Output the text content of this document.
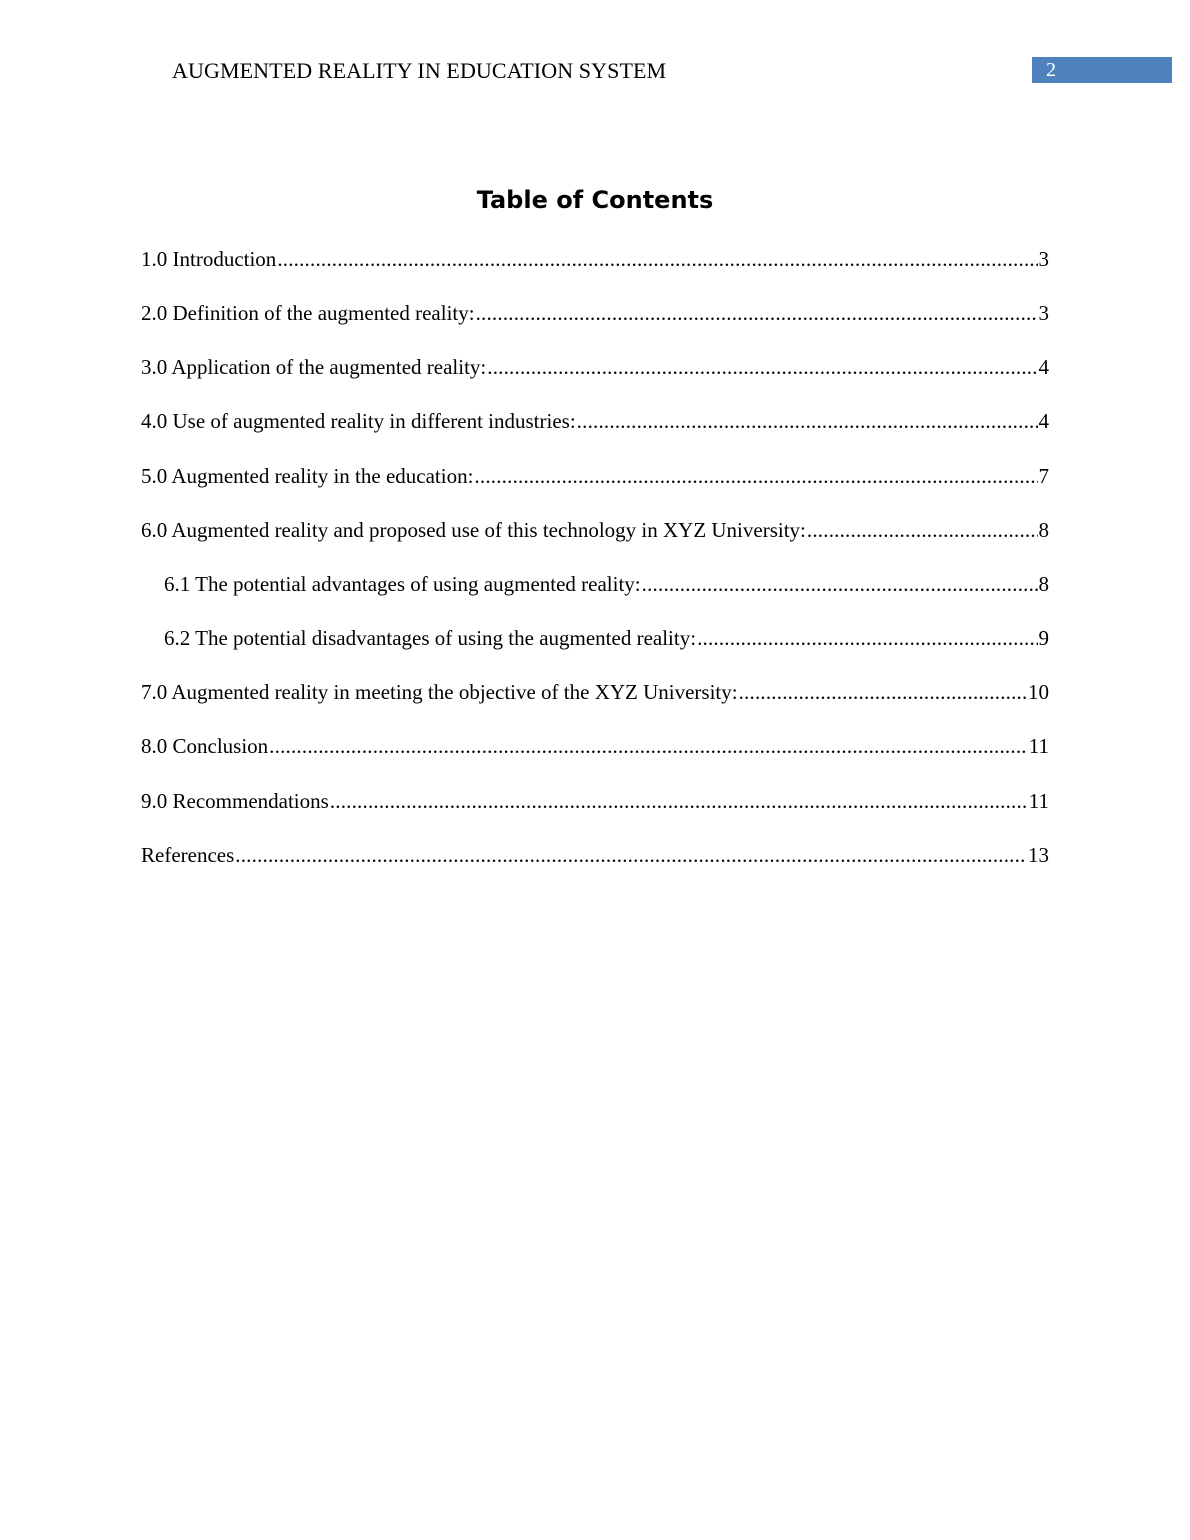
AUGMENTED REALITY IN EDUCATION SYSTEM	2
Table of Contents
1.0 Introduction .....	3
2.0 Definition of the augmented reality: .....	3
3.0 Application of the augmented reality: .....	4
4.0 Use of augmented reality in different industries: .....	4
5.0 Augmented reality in the education: .....	7
6.0 Augmented reality and proposed use of this technology in XYZ University: .....	8
6.1 The potential advantages of using augmented reality: .....	8
6.2 The potential disadvantages of using the augmented reality: .....	9
7.0 Augmented reality in meeting the objective of the XYZ University: .....	10
8.0 Conclusion .....	11
9.0 Recommendations .....	11
References .....	13
